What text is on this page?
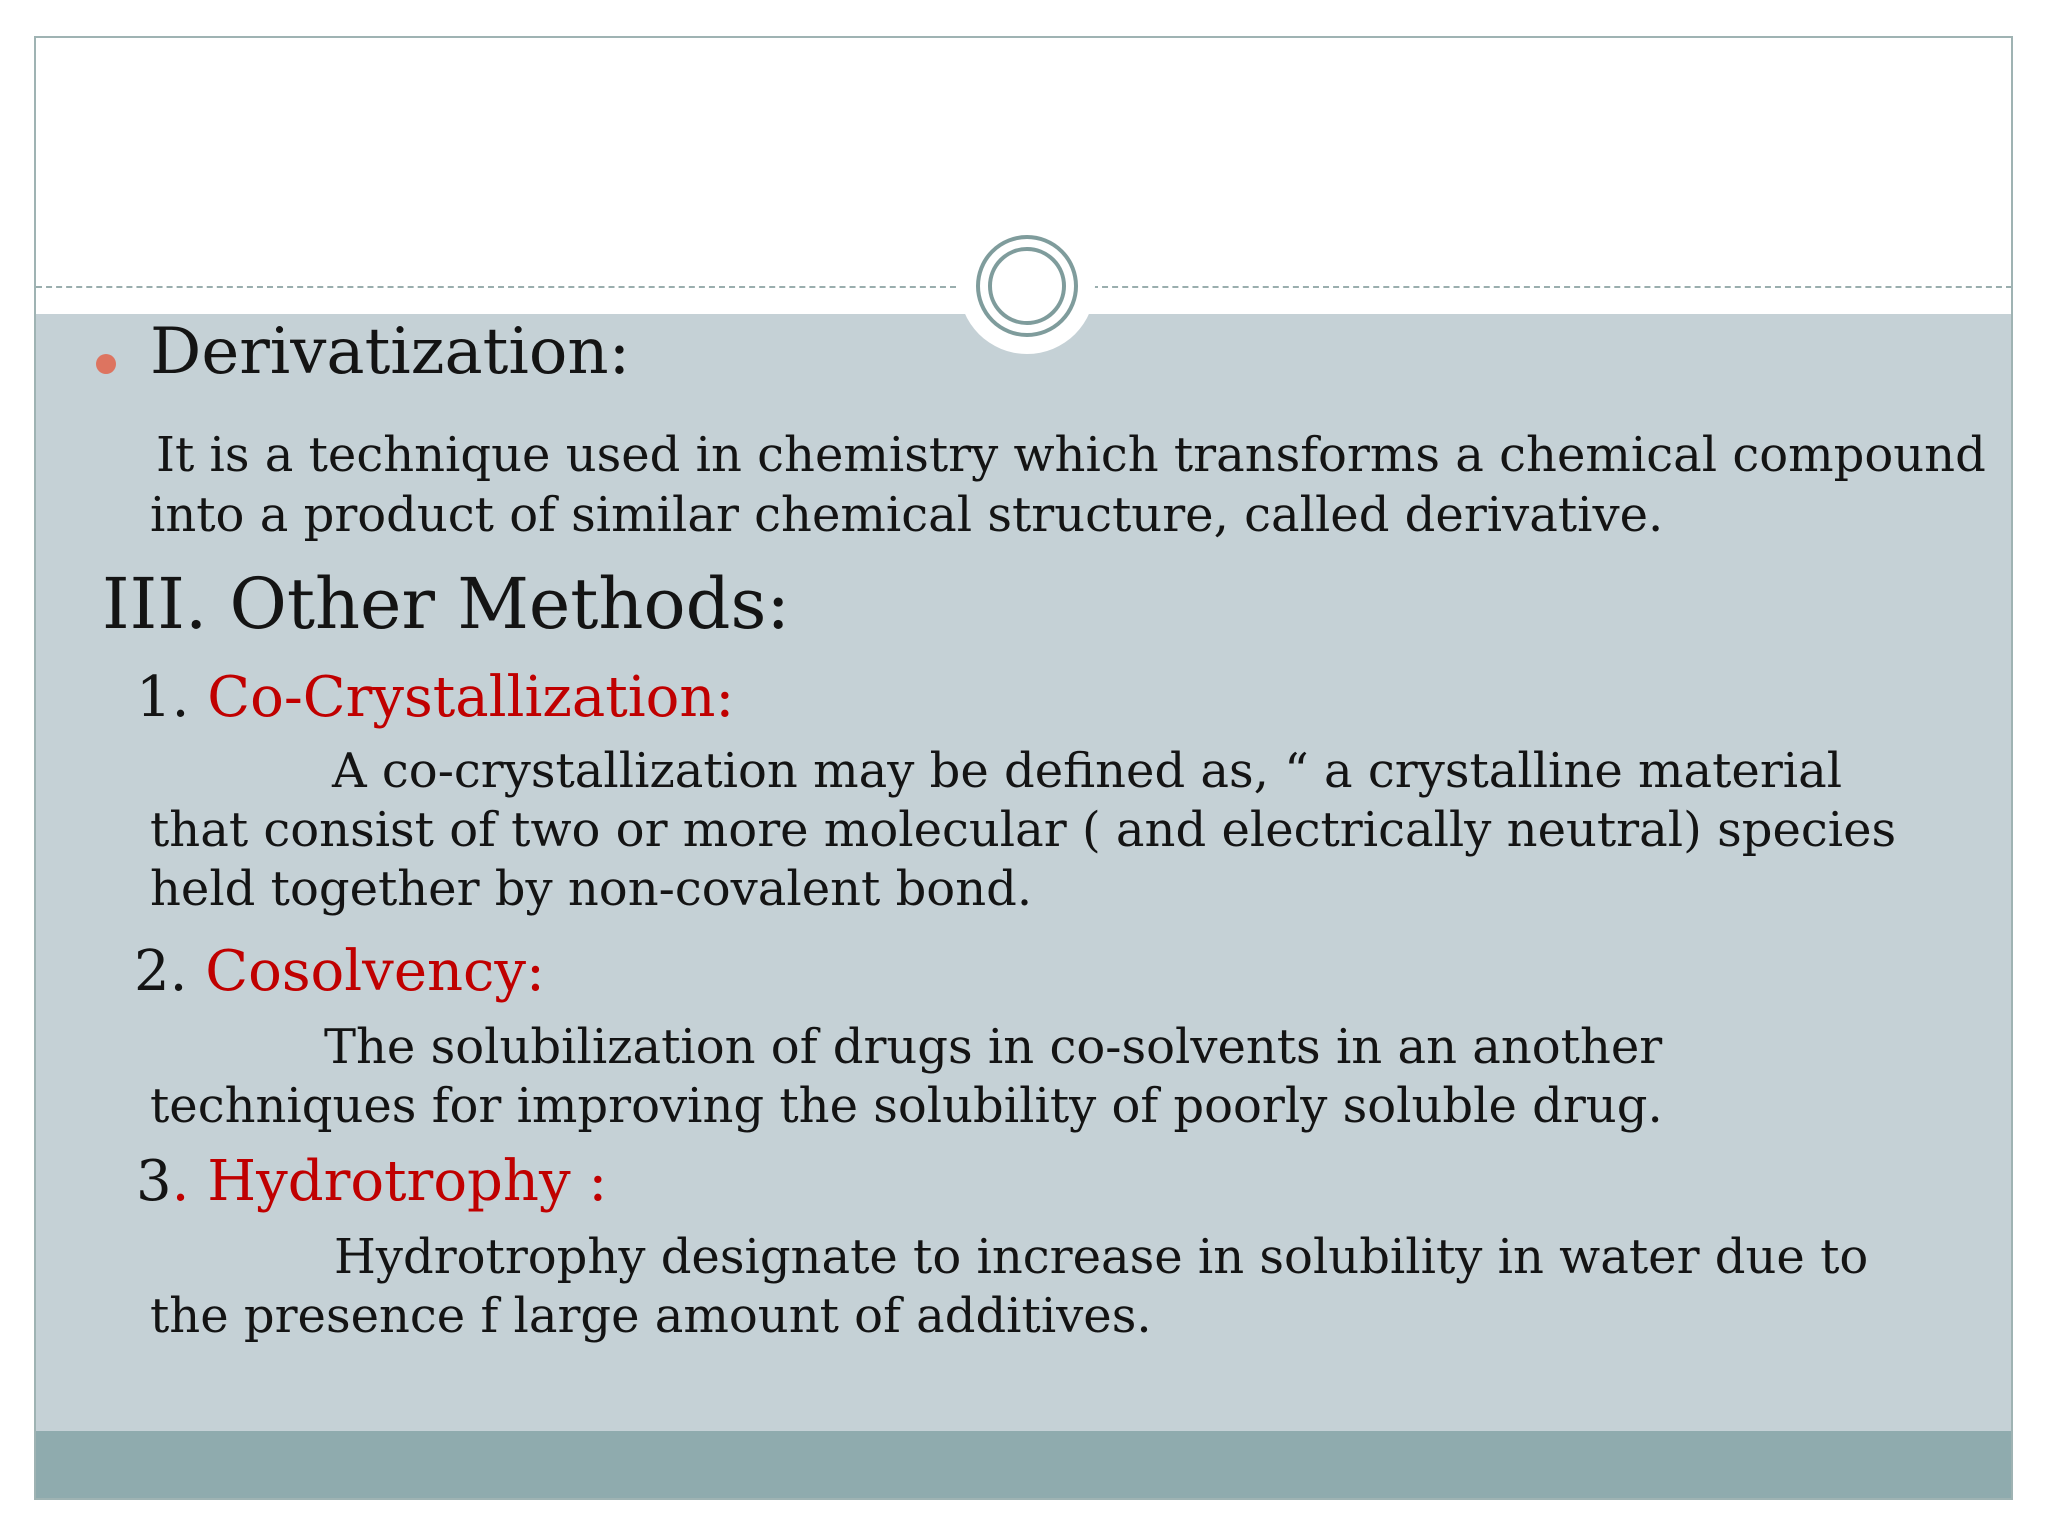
Derivatization:
It is a technique used in chemistry which transforms a chemical compound
into a product of similar chemical structure, called derivative.
III. Other Methods:
1. Co-Crystallization:
A co-crystallization may be defined as, “ a crystalline material
that consist of two or more molecular ( and electrically neutral) species
held together by non-covalent bond.
2. Cosolvency:
The solubilization of drugs in co-solvents in an another
techniques for improving the solubility of poorly soluble drug.
3. Hydrotrophy :
Hydrotrophy designate to increase in solubility in water due to
the presence f large amount of additives.
